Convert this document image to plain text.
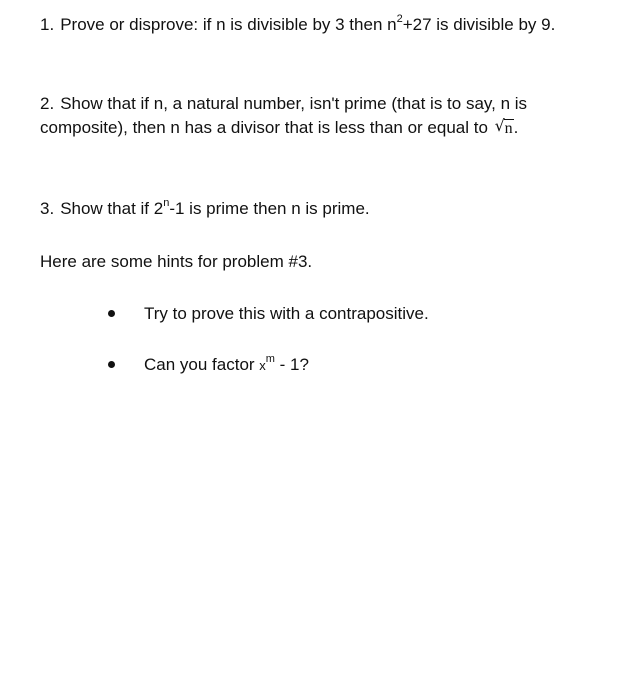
1. Prove or disprove: if n is divisible by 3 then $n^2+27$ is divisible by 9.
2. Show that if n, a natural number, isn't prime (that is to say, n is
composite), then n has a divisor that is less than or equal to √ n.
3. Show that if 2$^n$-1 is prime then n is prime.
Here are some hints for problem #3.
Try to prove this with a contrapositive.
Can you factor $x^m - 1$?
